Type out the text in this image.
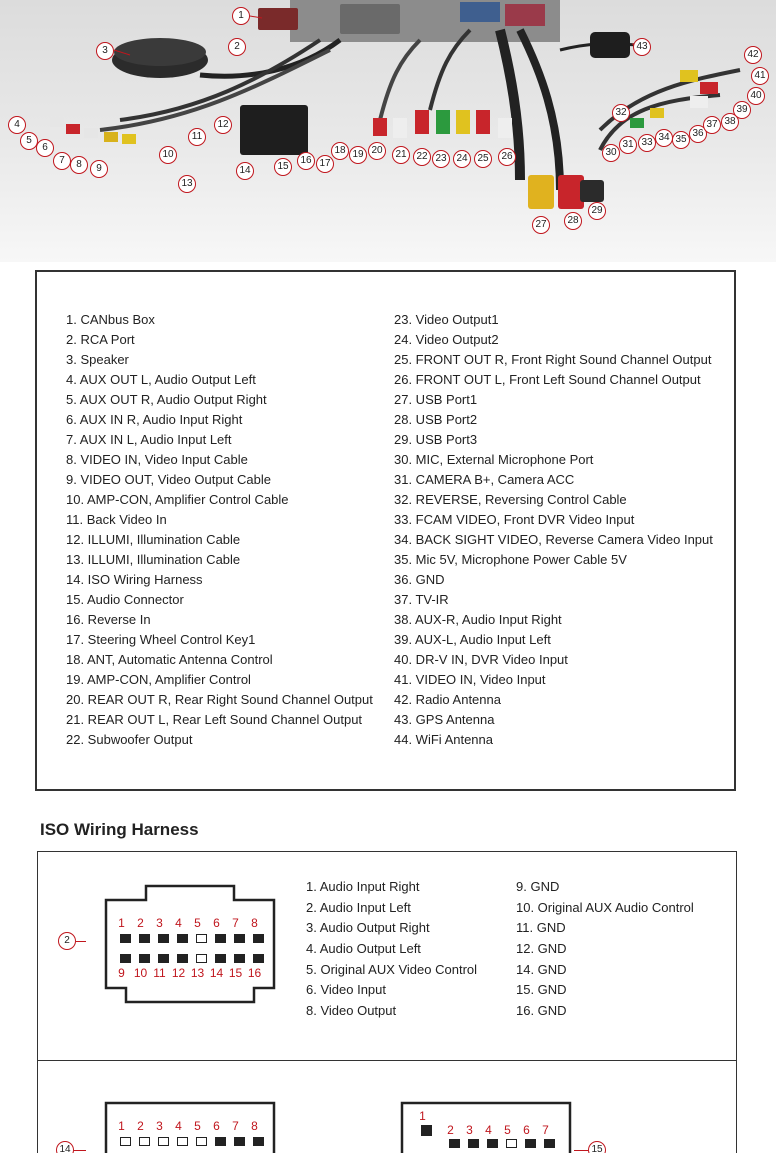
1
2
3
4
5
6
7	8	9
10
11
12
13
14	15
16 17
18 19 20	21 22 23 24 25	26
27	28
29
30
31
32
33 34 35
36
37 38
39
40
41
42
43
1. CANbus Box
2. RCA Port
3. Speaker
4. AUX OUT L, Audio Output Left
5. AUX OUT R, Audio Output Right
6. AUX IN R, Audio Input Right
7. AUX IN L, Audio Input Left
8. VIDEO IN, Video Input Cable
9. VIDEO OUT, Video Output Cable
10. AMP-CON, Amplifier Control Cable
11. Back Video In
12. ILLUMI, Illumination Cable
13. ILLUMI, Illumination Cable
14. ISO Wiring Harness
15. Audio Connector
16. Reverse In
17. Steering Wheel Control Key1
18. ANT, Automatic Antenna Control
19. AMP-CON, Amplifier Control
20. REAR OUT R, Rear Right Sound Channel Output
21. REAR OUT L, Rear Left Sound Channel Output
22. Subwoofer Output
23. Video Output1
24. Video Output2
25. FRONT OUT R, Front Right Sound Channel Output
26. FRONT OUT L, Front Left Sound Channel Output
27. USB Port1
28. USB Port2
29. USB Port3
30. MIC, External Microphone Port
31. CAMERA B+, Camera ACC
32. REVERSE, Reversing Control Cable
33. FCAM VIDEO, Front DVR Video Input
34. BACK SIGHT VIDEO, Reverse Camera Video Input
35. Mic 5V, Microphone Power Cable 5V
36. GND
37. TV-IR
38. AUX-R, Audio Input Right
39. AUX-L, Audio Input Left
40. DR-V IN, DVR Video Input
41. VIDEO IN, Video Input
42. Radio Antenna
43. GPS Antenna
44. WiFi Antenna
ISO Wiring Harness
2
1	2	3	4	5	6	7	8
9 10 11 12 13 14 15 16
1. Audio Input Right
2. Audio Input Left
3. Audio Output Right
4. Audio Output Left
5. Original AUX Video Control
6. Video Input
8. Video Output
9. GND
10. Original AUX Audio Control
11. GND
12. GND
14. GND
15. GND
16. GND
14
1	2	3	4	5	6	7	8
1
2	3	4	5	6	7
15
